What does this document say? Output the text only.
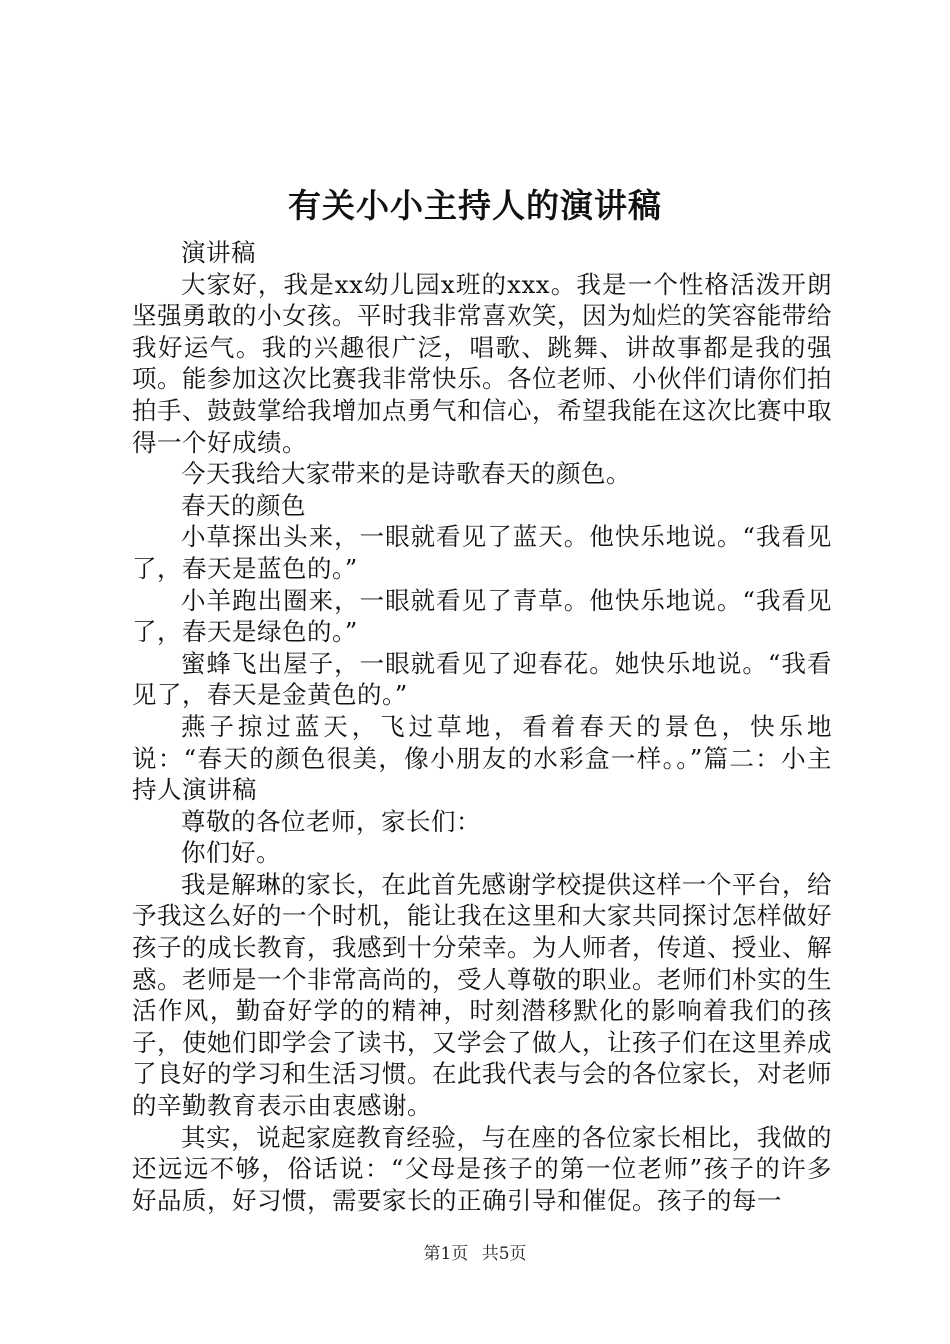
有关小小主持人的演讲稿

演讲稿

大家好，我是xx幼儿园x班的xxx。我是一个性格活泼开朗坚强勇敢的小女孩。平时我非常喜欢笑，因为灿烂的笑容能带给我好运气。我的兴趣很广泛，唱歌、跳舞、讲故事都是我的强项。能参加这次比赛我非常快乐。各位老师、小伙伴们请你们拍拍手、鼓鼓掌给我增加点勇气和信心，希望我能在这次比赛中取得一个好成绩。

今天我给大家带来的是诗歌春天的颜色。

春天的颜色

小草探出头来，一眼就看见了蓝天。他快乐地说。“我看见了，春天是蓝色的。”

小羊跑出圈来，一眼就看见了青草。他快乐地说。“我看见了，春天是绿色的。”

蜜蜂飞出屋子，一眼就看见了迎春花。她快乐地说。“我看见了，春天是金黄色的。”

燕子掠过蓝天，飞过草地，看着春天的景色，快乐地说：“春天的颜色很美，像小朋友的水彩盒一样。。”篇二：小主持人演讲稿

尊敬的各位老师，家长们：

你们好。

我是解琳的家长，在此首先感谢学校提供这样一个平台，给予我这么好的一个时机，能让我在这里和大家共同探讨怎样做好孩子的成长教育，我感到十分荣幸。为人师者，传道、授业、解惑。老师是一个非常高尚的，受人尊敬的职业。老师们朴实的生活作风，勤奋好学的的精神，时刻潜移默化的影响着我们的孩子，使她们即学会了读书，又学会了做人，让孩子们在这里养成了良好的学习和生活习惯。在此我代表与会的各位家长，对老师的辛勤教育表示由衷感谢。

其实，说起家庭教育经验，与在座的各位家长相比，我做的还远远不够，俗话说：“父母是孩子的第一位老师”孩子的许多好品质，好习惯，需要家长的正确引导和催促。孩子的每一

第1页 共5页
